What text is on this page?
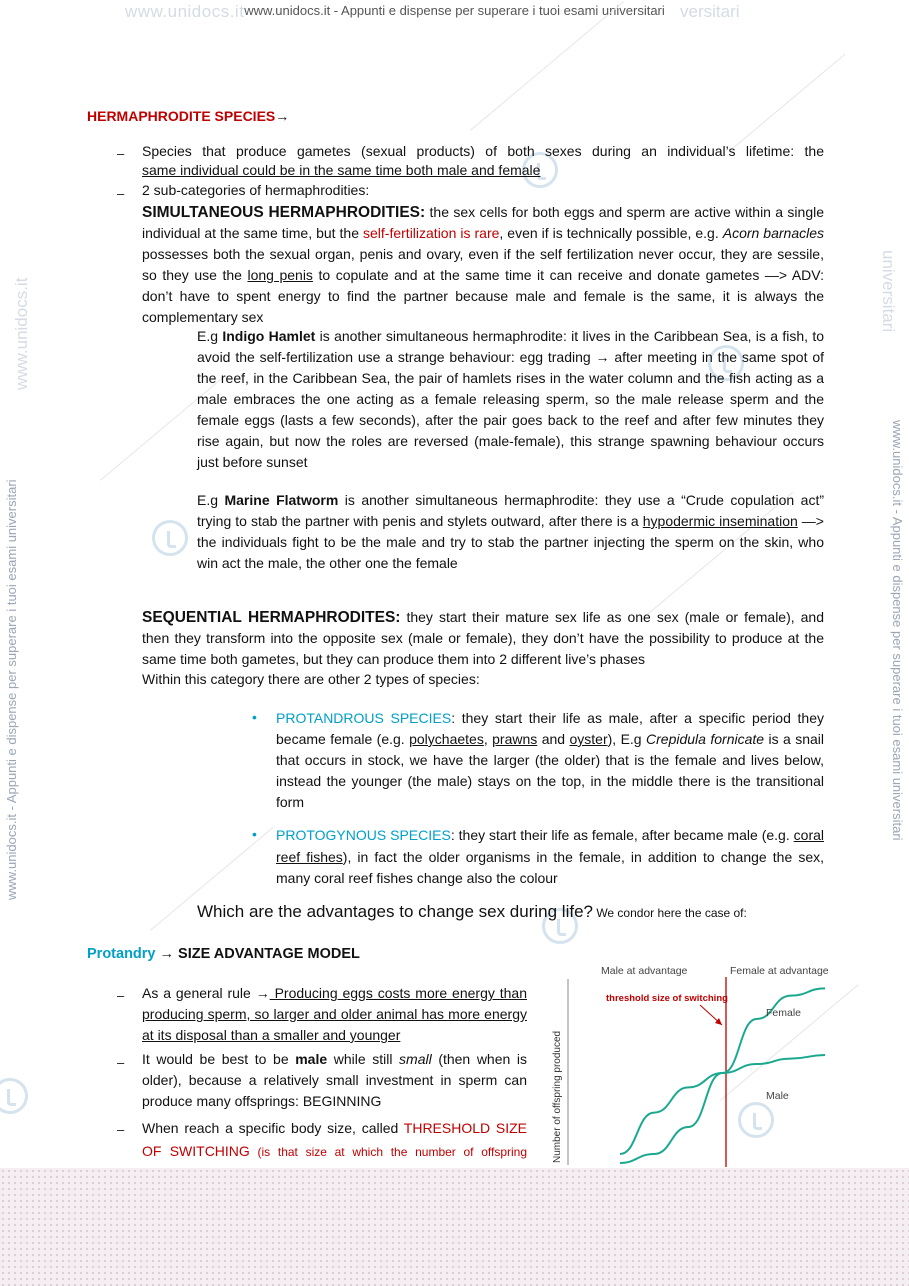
www.unidocs.it	versitari
www.unidocs.it - Appunti e dispense per superare i tuoi esami universitari
www.unidocs.it - Appunti e dispense per superare i tuoi esami universitari
www.unidocs.it
www.unidocs.it - Appunti e dispense per superare i tuoi esami universitari
universitari
HERMAPHRODITE SPECIES→
– Species that produce gametes (sexual products) of both sexes during an individual’s lifetime: the
same individual could be in the same time both male and female
– 2 sub-categories of hermaphrodities:
SIMULTANEOUS HERMAPHRODITIES: the sex cells for both eggs and sperm are active within a single individual at the same time, but the self-fertilization is rare, even if is technically possible, e.g. Acorn barnacles possesses both the sexual organ, penis and ovary, even if the self fertilization never occur, they are sessile, so they use the long penis to copulate and at the same time it can receive and donate gametes —> ADV: don’t have to spent energy to find the partner because male and female is the same, it is always the complementary sex
E.g Indigo Hamlet is another simultaneous hermaphrodite: it lives in the Caribbean Sea, is a fish, to avoid the self-fertilization use a strange behaviour: egg trading → after meeting in the same spot of the reef, in the Caribbean Sea, the pair of hamlets rises in the water column and the fish acting as a male embraces the one acting as a female releasing sperm, so the male release sperm and the female eggs (lasts a few seconds), after the pair goes back to the reef and after few minutes they rise again, but now the roles are reversed (male-female), this strange spawning behaviour occurs just before sunset
E.g Marine Flatworm is another simultaneous hermaphrodite: they use a “Crude copulation act” trying to stab the partner with penis and stylets outward, after there is a hypodermic insemination —> the individuals fight to be the male and try to stab the partner injecting the sperm on the skin, who win act the male, the other one the female
SEQUENTIAL HERMAPHRODITES: they start their mature sex life as one sex (male or female), and then they transform into the opposite sex (male or female), they don’t have the possibility to produce at the same time both gametes, but they can produce them into 2 different live’s phases
Within this category there are other 2 types of species:
• PROTANDROUS SPECIES: they start their life as male, after a specific period they became female (e.g. polychaetes, prawns and oyster), E.g Crepidula fornicate is a snail that occurs in stock, we have the larger (the older) that is the female and lives below, instead the younger (the male) stays on the top, in the middle there is the transitional form
• PROTOGYNOUS SPECIES: they start their life as female, after became male (e.g. coral reef fishes), in fact the older organisms in the female, in addition to change the sex, many coral reef fishes change also the colour
Which are the advantages to change sex during life? We condor here the case of:
Protandry → SIZE ADVANTAGE MODEL
– As a general rule → Producing eggs costs more energy than producing sperm, so larger and older animal has more energy at its disposal than a smaller and younger
– It would be best to be male while still small (then when is older), because a relatively small investment in sperm can produce many offsprings: BEGINNING
– When reach a specific body size, called THRESHOLD SIZE OF SWITCHING (is that size at which the number of offspring
Male at advantage	Female at advantage
Number of offspring produced
threshold size of switching
Female
Male
